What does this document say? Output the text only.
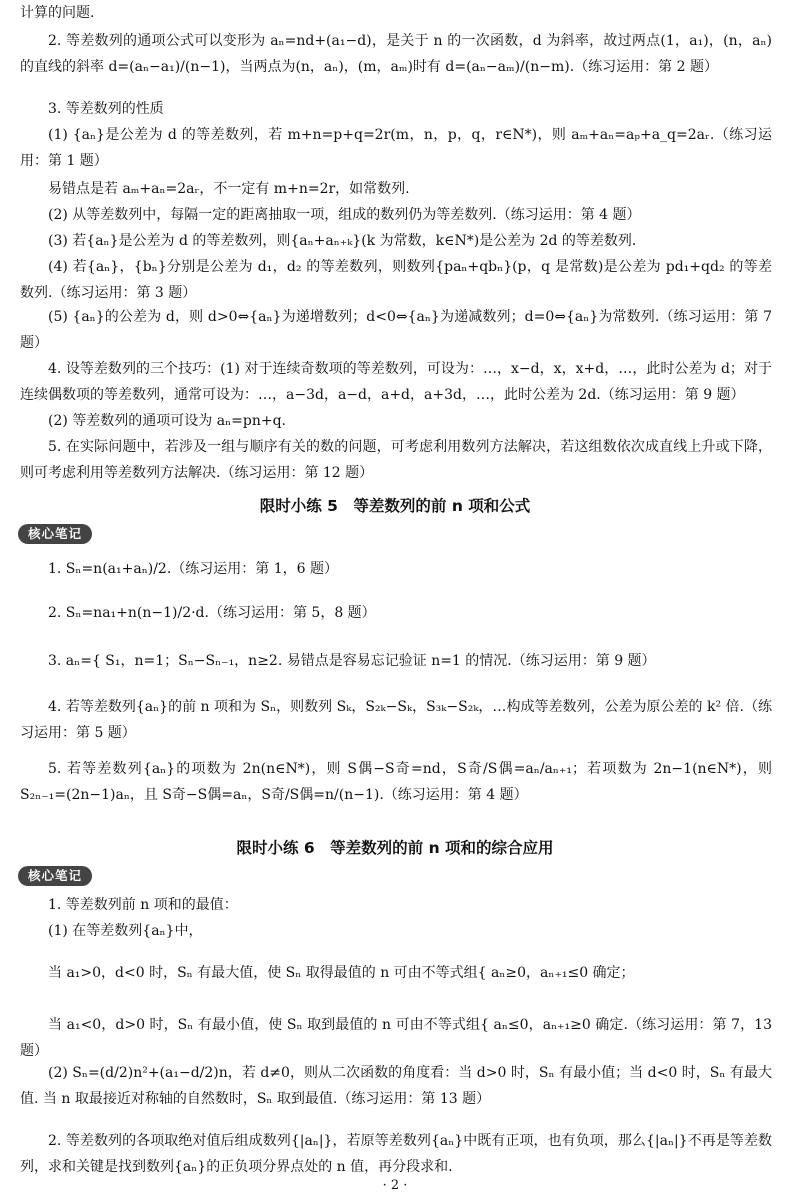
计算的问题.

2. 等差数列的通项公式可以变形为 aₙ=nd+(a₁−d)，是关于 n 的一次函数，d 为斜率，故过两点(1，a₁)，(n，aₙ)的直线的斜率 d=(aₙ−a₁)/(n−1)，当两点为(n，aₙ)，(m，aₘ)时有 d=(aₙ−aₘ)/(n−m).（练习运用：第 2 题）

3. 等差数列的性质

(1) {aₙ}是公差为 d 的等差数列，若 m+n=p+q=2r(m，n，p，q，r∈N*)，则 aₘ+aₙ=aₚ+a_q=2aᵣ.（练习运用：第 1 题）

易错点是若 aₘ+aₙ=2aᵣ，不一定有 m+n=2r，如常数列.

(2) 从等差数列中，每隔一定的距离抽取一项，组成的数列仍为等差数列.（练习运用：第 4 题）

(3) 若{aₙ}是公差为 d 的等差数列，则{aₙ+aₙ₊ₖ}(k 为常数，k∈N*)是公差为 2d 的等差数列.

(4) 若{aₙ}，{bₙ}分别是公差为 d₁，d₂ 的等差数列，则数列{paₙ+qbₙ}(p，q 是常数)是公差为 pd₁+qd₂ 的等差数列.（练习运用：第 3 题）

(5) {aₙ}的公差为 d，则 d>0⇔{aₙ}为递增数列；d<0⇔{aₙ}为递减数列；d=0⇔{aₙ}为常数列.（练习运用：第 7 题）

4. 设等差数列的三个技巧：(1) 对于连续奇数项的等差数列，可设为：…，x−d，x，x+d，…，此时公差为 d；对于连续偶数项的等差数列，通常可设为：…，a−3d，a−d，a+d，a+3d，…，此时公差为 2d.（练习运用：第 9 题）

(2) 等差数列的通项可设为 aₙ=pn+q.

5. 在实际问题中，若涉及一组与顺序有关的数的问题，可考虑利用数列方法解决，若这组数依次成直线上升或下降，则可考虑利用等差数列方法解决.（练习运用：第 12 题）

限时小练 5　等差数列的前 n 项和公式
核心笔记

1. Sₙ=n(a₁+aₙ)/2.（练习运用：第 1，6 题）

2. Sₙ=na₁+n(n−1)/2·d.（练习运用：第 5，8 题）

3. aₙ={ S₁，n=1；Sₙ−Sₙ₋₁，n≥2. 易错点是容易忘记验证 n=1 的情况.（练习运用：第 9 题）

4. 若等差数列{aₙ}的前 n 项和为 Sₙ，则数列 Sₖ，S₂ₖ−Sₖ，S₃ₖ−S₂ₖ，…构成等差数列，公差为原公差的 k² 倍.（练习运用：第 5 题）

5. 若等差数列{aₙ}的项数为 2n(n∈N*)，则 S偶−S奇=nd，S奇/S偶=aₙ/aₙ₊₁；若项数为 2n−1(n∈N*)，则 S₂ₙ₋₁=(2n−1)aₙ，且 S奇−S偶=aₙ，S奇/S偶=n/(n−1).（练习运用：第 4 题）

限时小练 6　等差数列的前 n 项和的综合应用
核心笔记

1. 等差数列前 n 项和的最值：

(1) 在等差数列{aₙ}中，

当 a₁>0，d<0 时，Sₙ 有最大值，使 Sₙ 取得最值的 n 可由不等式组{ aₙ≥0，aₙ₊₁≤0 确定；

当 a₁<0，d>0 时，Sₙ 有最小值，使 Sₙ 取到最值的 n 可由不等式组{ aₙ≤0，aₙ₊₁≥0 确定.（练习运用：第 7，13 题）

(2) Sₙ=(d/2)n²+(a₁−d/2)n，若 d≠0，则从二次函数的角度看：当 d>0 时，Sₙ 有最小值；当 d<0 时，Sₙ 有最大值. 当 n 取最接近对称轴的自然数时，Sₙ 取到最值.（练习运用：第 13 题）

2. 等差数列的各项取绝对值后组成数列{|aₙ|}，若原等差数列{aₙ}中既有正项，也有负项，那么{|aₙ|}不再是等差数列，求和关键是找到数列{aₙ}的正负项分界点处的 n 值，再分段求和.

· 2 ·
